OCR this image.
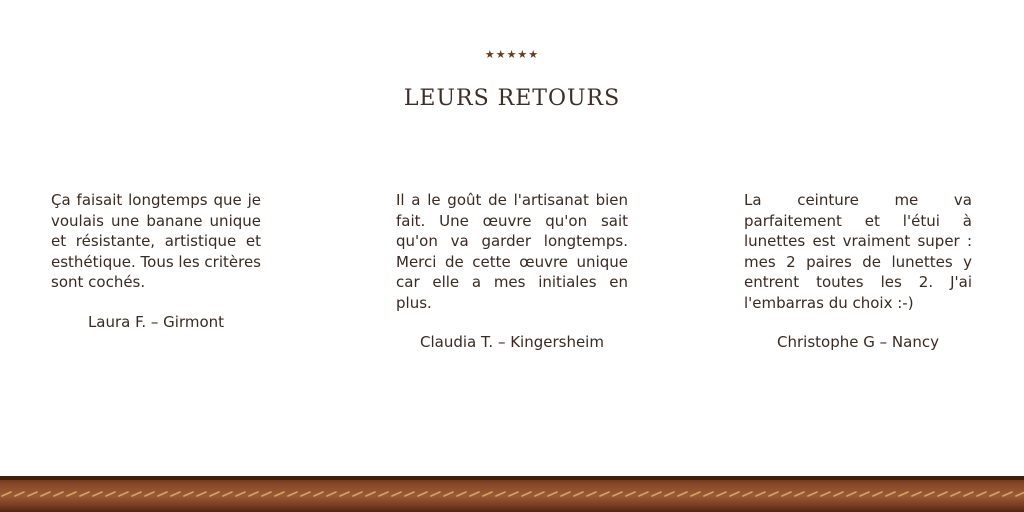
★★★★★
LEURS RETOURS

Ça faisait longtemps que je voulais une banane unique et résistante, artistique et esthétique. Tous les critères sont cochés.

Laura F. – Girmont

Il a le goût de l'artisanat bien fait. Une œuvre qu'on sait qu'on va garder longtemps. Merci de cette œuvre unique car elle a mes initiales en plus.

Claudia T. – Kingersheim

La ceinture me va parfaitement et l'étui à lunettes est vraiment super : mes 2 paires de lunettes y entrent toutes les 2. J'ai l'embarras du choix :-)

Christophe G – Nancy
